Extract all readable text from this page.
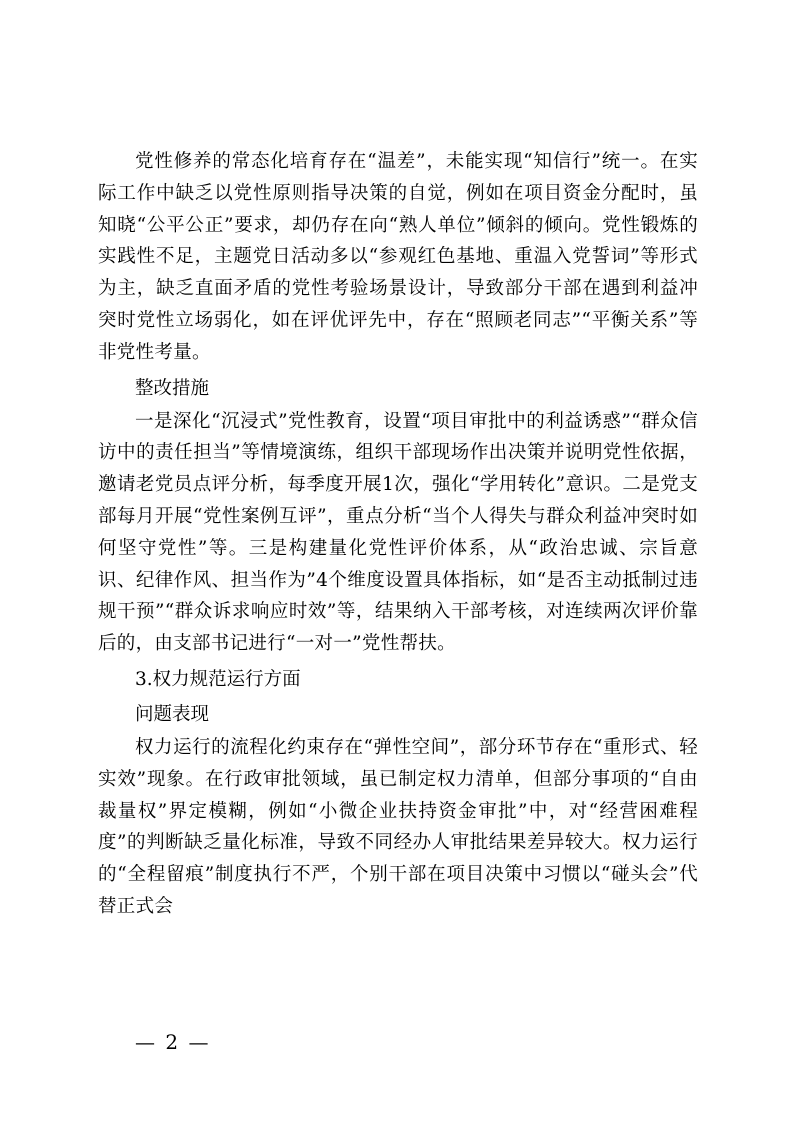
党性修养的常态化培育存在“温差”，未能实现“知信行”统一。在实际工作中缺乏以党性原则指导决策的自觉，例如在项目资金分配时，虽知晓“公平公正”要求，却仍存在向“熟人单位”倾斜的倾向。党性锻炼的实践性不足，主题党日活动多以“参观红色基地、重温入党誓词”等形式为主，缺乏直面矛盾的党性考验场景设计，导致部分干部在遇到利益冲突时党性立场弱化，如在评优评先中，存在“照顾老同志”“平衡关系”等非党性考量。

整改措施

一是深化“沉浸式”党性教育，设置“项目审批中的利益诱惑”“群众信访中的责任担当”等情境演练，组织干部现场作出决策并说明党性依据，邀请老党员点评分析，每季度开展1次，强化“学用转化”意识。二是党支部每月开展“党性案例互评”，重点分析“当个人得失与群众利益冲突时如何坚守党性”等。三是构建量化党性评价体系，从“政治忠诚、宗旨意识、纪律作风、担当作为”4个维度设置具体指标，如“是否主动抵制过违规干预”“群众诉求响应时效”等，结果纳入干部考核，对连续两次评价靠后的，由支部书记进行“一对一”党性帮扶。

3.权力规范运行方面

问题表现

权力运行的流程化约束存在“弹性空间”，部分环节存在“重形式、轻实效”现象。在行政审批领域，虽已制定权力清单，但部分事项的“自由裁量权”界定模糊，例如“小微企业扶持资金审批”中，对“经营困难程度”的判断缺乏量化标准，导致不同经办人审批结果差异较大。权力运行的“全程留痕”制度执行不严，个别干部在项目决策中习惯以“碰头会”代替正式会

— 2 —
